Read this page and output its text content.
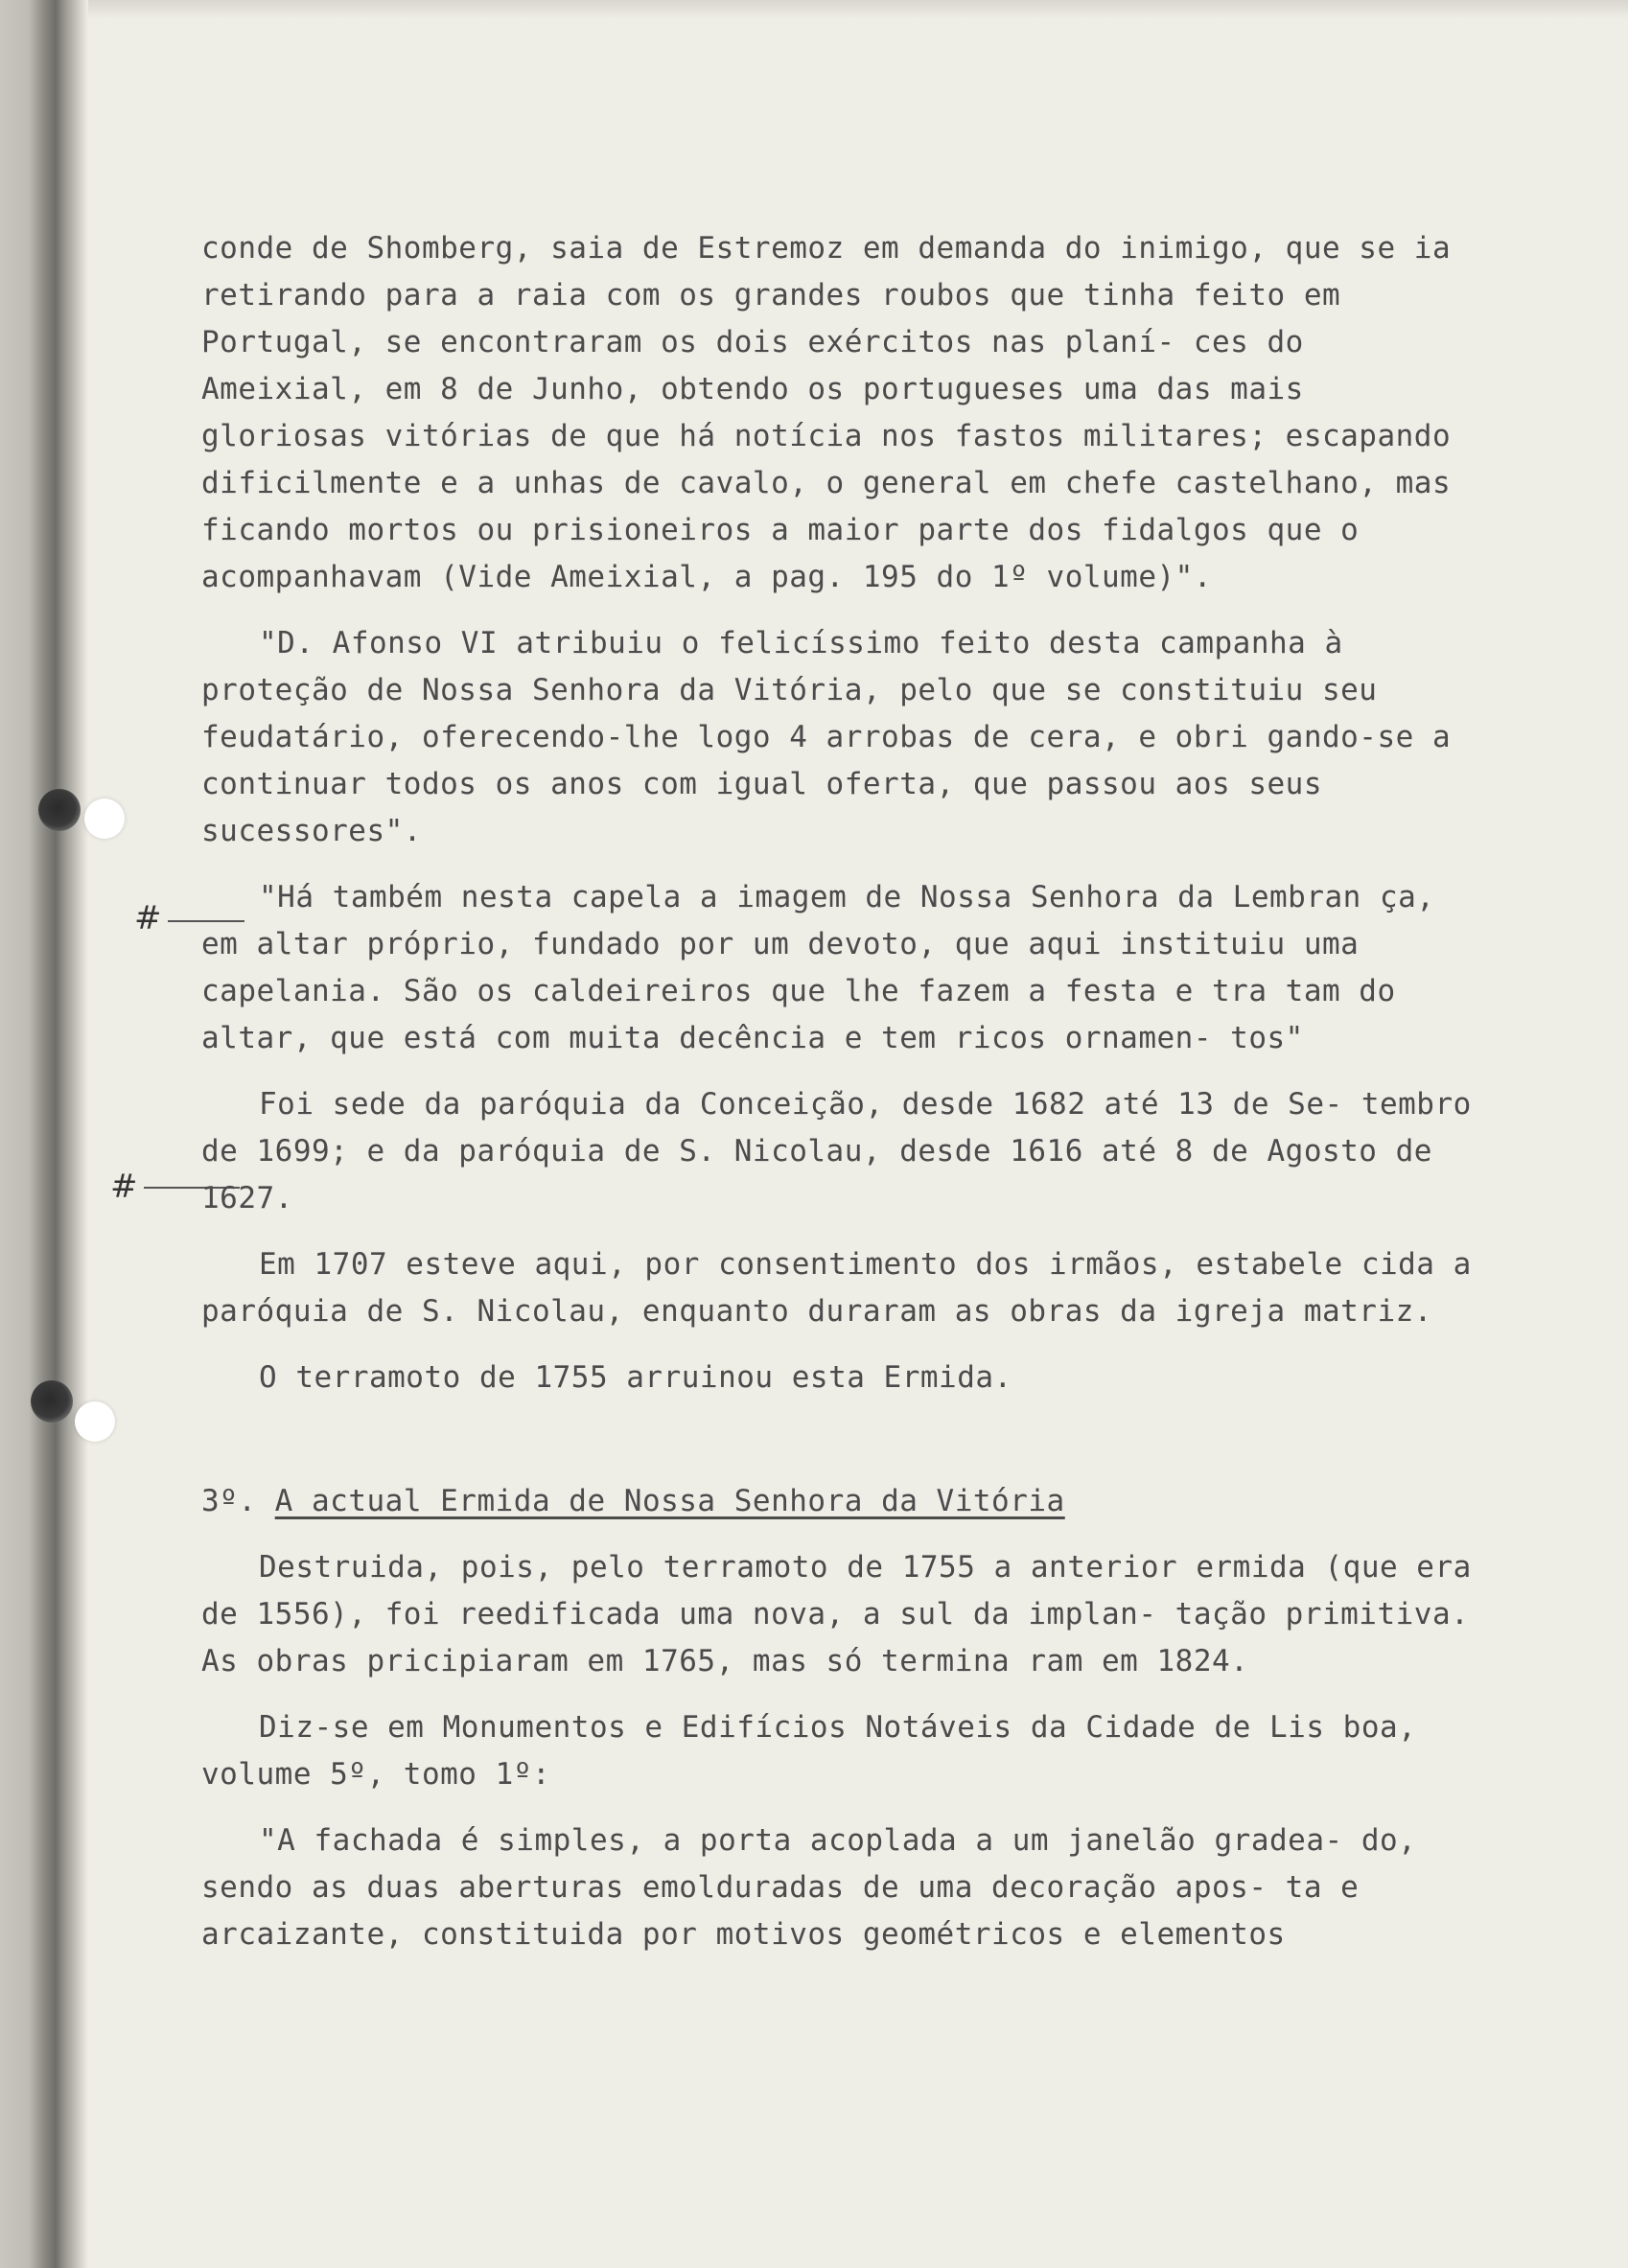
#
#

conde de Shomberg, saia de Estremoz em demanda do inimigo, que se ia retirando para a raia com os grandes roubos que tinha feito em Portugal, se encontraram os dois exércitos nas planí- ces do Ameixial, em 8 de Junho, obtendo os portugueses uma das mais gloriosas vitórias de que há notícia nos fastos militares; escapando dificilmente e a unhas de cavalo, o general em chefe castelhano, mas ficando mortos ou prisioneiros a maior parte dos fidalgos que o acompanhavam (Vide Ameixial, a pag. 195 do 1º volume)".

"D. Afonso VI atribuiu o felicíssimo feito desta campanha à proteção de Nossa Senhora da Vitória, pelo que se constituiu seu feudatário, oferecendo-lhe logo 4 arrobas de cera, e obri gando-se a continuar todos os anos com igual oferta, que passou aos seus sucessores".

"Há também nesta capela a imagem de Nossa Senhora da Lembran ça, em altar próprio, fundado por um devoto, que aqui instituiu uma capelania. São os caldeireiros que lhe fazem a festa e tra tam do altar, que está com muita decência e tem ricos ornamen- tos"

Foi sede da paróquia da Conceição, desde 1682 até 13 de Se- tembro de 1699; e da paróquia de S. Nicolau, desde 1616 até 8 de Agosto de 1627.

Em 1707 esteve aqui, por consentimento dos irmãos, estabele cida a paróquia de S. Nicolau, enquanto duraram as obras da igreja matriz.

O terramoto de 1755 arruinou esta Ermida.

3º. A actual Ermida de Nossa Senhora da Vitória

Destruida, pois, pelo terramoto de 1755 a anterior ermida (que era de 1556), foi reedificada uma nova, a sul da implan- tação primitiva. As obras pricipiaram em 1765, mas só termina ram em 1824.

Diz-se em Monumentos e Edifícios Notáveis da Cidade de Lis boa, volume 5º, tomo 1º:

"A fachada é simples, a porta acoplada a um janelão gradea- do, sendo as duas aberturas emolduradas de uma decoração apos- ta e arcaizante, constituida por motivos geométricos e elementos
